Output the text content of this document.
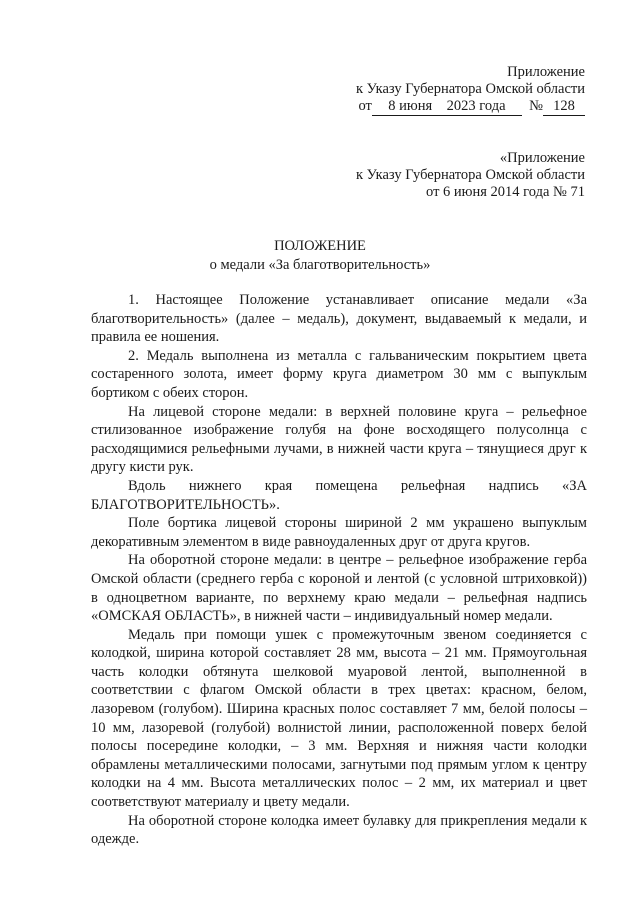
Приложение
к Указу Губернатора Омской области
от 8 июня 2023 года № 128
«Приложение
к Указу Губернатора Омской области
от 6 июня 2014 года № 71
ПОЛОЖЕНИЕ
о медали «За благотворительность»

1. Настоящее Положение устанавливает описание медали «За благотворительность» (далее – медаль), документ, выдаваемый к медали, и правила ее ношения.

2. Медаль выполнена из металла с гальваническим покрытием цвета состаренного золота, имеет форму круга диаметром 30 мм с выпуклым бортиком с обеих сторон.

На лицевой стороне медали: в верхней половине круга – рельефное стилизованное изображение голубя на фоне восходящего полусолнца с расходящимися рельефными лучами, в нижней части круга – тянущиеся друг к другу кисти рук.

Вдоль нижнего края помещена рельефная надпись «ЗА БЛАГОТВОРИТЕЛЬНОСТЬ».

Поле бортика лицевой стороны шириной 2 мм украшено выпуклым декоративным элементом в виде равноудаленных друг от друга кругов.

На оборотной стороне медали: в центре – рельефное изображение герба Омской области (среднего герба с короной и лентой (с условной штриховкой)) в одноцветном варианте, по верхнему краю медали – рельефная надпись «ОМСКАЯ ОБЛАСТЬ», в нижней части – индивидуальный номер медали.

Медаль при помощи ушек с промежуточным звеном соединяется с колодкой, ширина которой составляет 28 мм, высота – 21 мм. Прямоугольная часть колодки обтянута шелковой муаровой лентой, выполненной в соответствии с флагом Омской области в трех цветах: красном, белом, лазоревом (голубом). Ширина красных полос составляет 7 мм, белой полосы – 10 мм, лазоревой (голубой) волнистой линии, расположенной поверх белой полосы посередине колодки, – 3 мм. Верхняя и нижняя части колодки обрамлены металлическими полосами, загнутыми под прямым углом к центру колодки на 4 мм. Высота металлических полос – 2 мм, их материал и цвет соответствуют материалу и цвету медали.

На оборотной стороне колодка имеет булавку для прикрепления медали к одежде.
